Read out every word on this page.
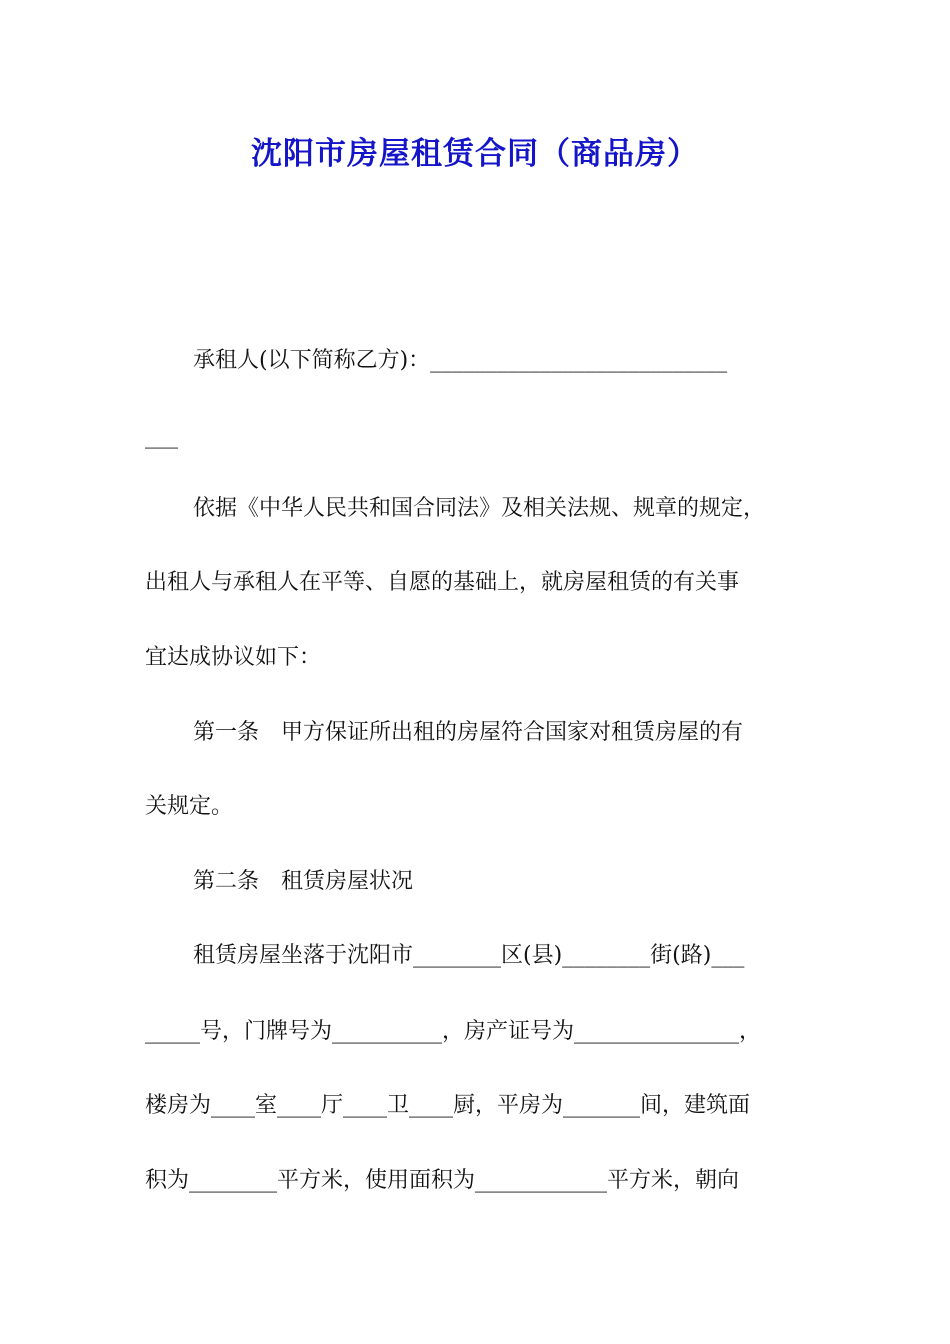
沈阳市房屋租赁合同（商品房）
承租人(以下简称乙方)：___________________________
___
依据《中华人民共和国合同法》及相关法规、规章的规定，
出租人与承租人在平等、自愿的基础上，就房屋租赁的有关事
宜达成协议如下：
第一条　甲方保证所出租的房屋符合国家对租赁房屋的有
关规定。
第二条　租赁房屋状况
租赁房屋坐落于沈阳市________区(县)________街(路)___
_____号，门牌号为__________，房产证号为_______________，
楼房为____室____厅____卫____厨，平房为_______间，建筑面
积为________平方米，使用面积为____________平方米，朝向
